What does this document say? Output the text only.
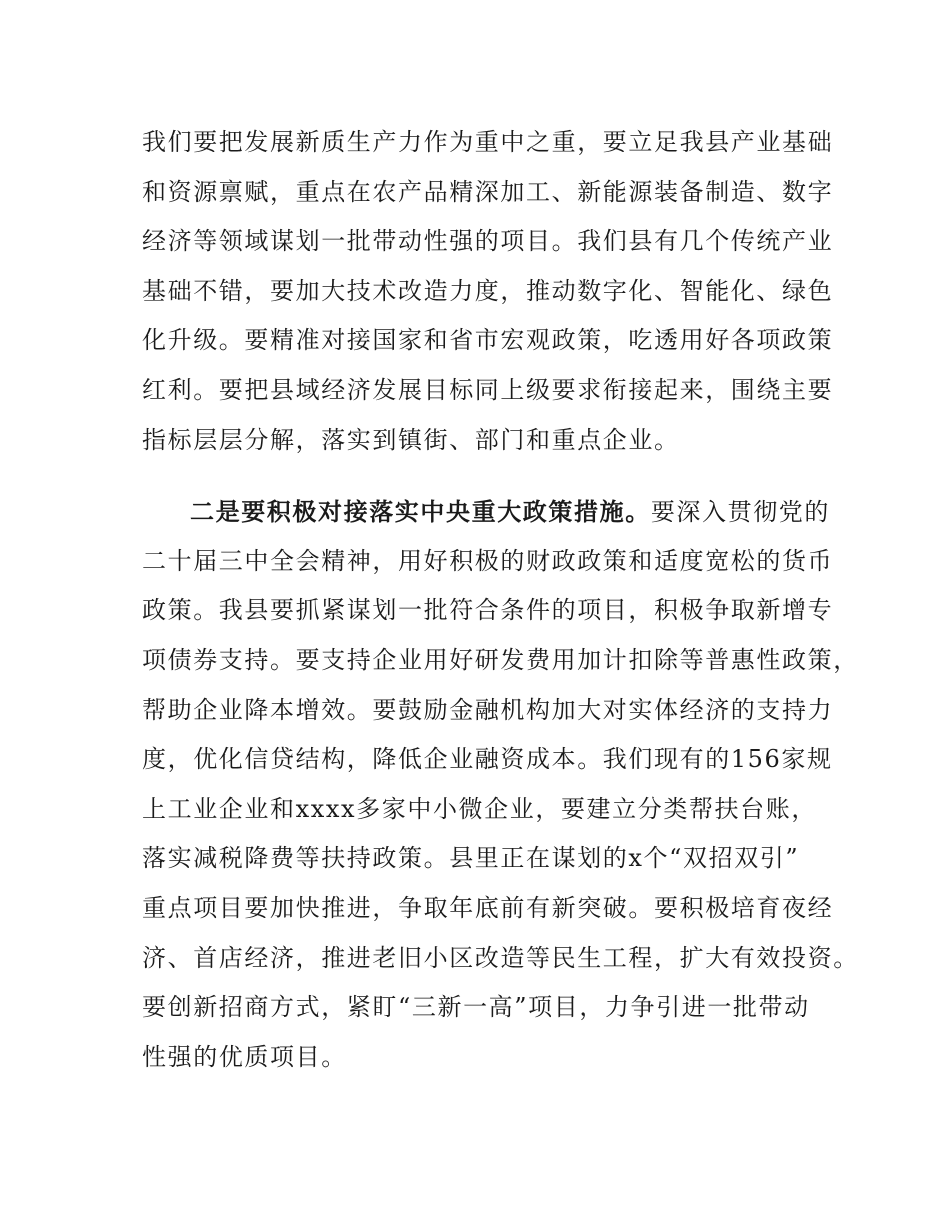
我们要把发展新质生产力作为重中之重，要立足我县产业基础
和资源禀赋，重点在农产品精深加工、新能源装备制造、数字
经济等领域谋划一批带动性强的项目。我们县有几个传统产业
基础不错，要加大技术改造力度，推动数字化、智能化、绿色
化升级。要精准对接国家和省市宏观政策，吃透用好各项政策
红利。要把县域经济发展目标同上级要求衔接起来，围绕主要
指标层层分解，落实到镇街、部门和重点企业。
二是要积极对接落实中央重大政策措施。要深入贯彻党的
二十届三中全会精神，用好积极的财政政策和适度宽松的货币
政策。我县要抓紧谋划一批符合条件的项目，积极争取新增专
项债券支持。要支持企业用好研发费用加计扣除等普惠性政策，
帮助企业降本增效。要鼓励金融机构加大对实体经济的支持力
度，优化信贷结构，降低企业融资成本。我们现有的156家规
上工业企业和xxxx多家中小微企业，要建立分类帮扶台账，
落实减税降费等扶持政策。县里正在谋划的x个“双招双引”
重点项目要加快推进，争取年底前有新突破。要积极培育夜经
济、首店经济，推进老旧小区改造等民生工程，扩大有效投资。
要创新招商方式，紧盯“三新一高”项目，力争引进一批带动
性强的优质项目。
